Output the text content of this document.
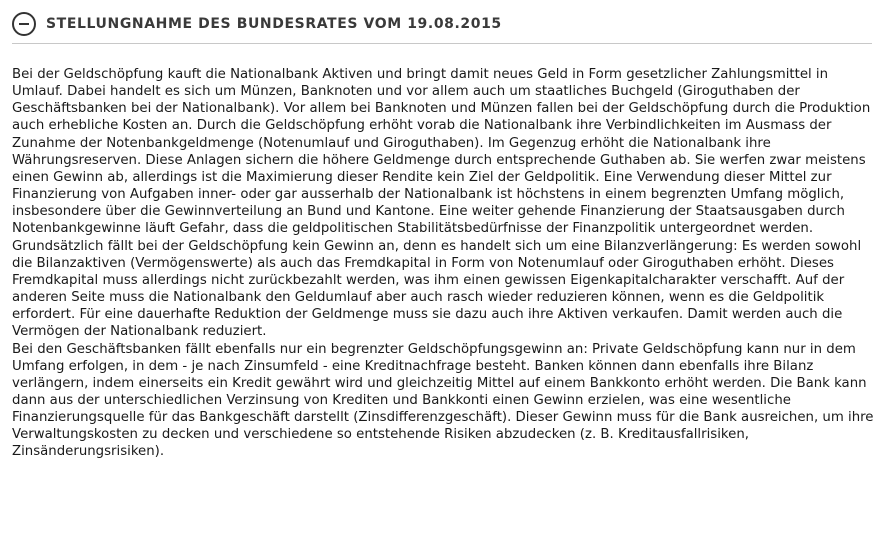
STELLUNGNAHME DES BUNDESRATES VOM 19.08.2015

Bei der Geldschöpfung kauft die Nationalbank Aktiven und bringt damit neues Geld in Form gesetzlicher Zahlungsmittel in Umlauf. Dabei handelt es sich um Münzen, Banknoten und vor allem auch um staatliches Buchgeld (Giroguthaben der Geschäftsbanken bei der Nationalbank). Vor allem bei Banknoten und Münzen fallen bei der Geldschöpfung durch die Produktion auch erhebliche Kosten an. Durch die Geldschöpfung erhöht vorab die Nationalbank ihre Verbindlichkeiten im Ausmass der Zunahme der Notenbankgeldmenge (Notenumlauf und Giroguthaben). Im Gegenzug erhöht die Nationalbank ihre Währungsreserven. Diese Anlagen sichern die höhere Geldmenge durch entsprechende Guthaben ab. Sie werfen zwar meistens einen Gewinn ab, allerdings ist die Maximierung dieser Rendite kein Ziel der Geldpolitik. Eine Verwendung dieser Mittel zur Finanzierung von Aufgaben inner- oder gar ausserhalb der Nationalbank ist höchstens in einem begrenzten Umfang möglich, insbesondere über die Gewinnverteilung an Bund und Kantone. Eine weiter gehende Finanzierung der Staatsausgaben durch Notenbankgewinne läuft Gefahr, dass die geldpolitischen Stabilitätsbedürfnisse der Finanzpolitik untergeordnet werden.

Grundsätzlich fällt bei der Geldschöpfung kein Gewinn an, denn es handelt sich um eine Bilanzverlängerung: Es werden sowohl die Bilanzaktiven (Vermögenswerte) als auch das Fremdkapital in Form von Notenumlauf oder Giroguthaben erhöht. Dieses Fremdkapital muss allerdings nicht zurückbezahlt werden, was ihm einen gewissen Eigenkapitalcharakter verschafft. Auf der anderen Seite muss die Nationalbank den Geldumlauf aber auch rasch wieder reduzieren können, wenn es die Geldpolitik erfordert. Für eine dauerhafte Reduktion der Geldmenge muss sie dazu auch ihre Aktiven verkaufen. Damit werden auch die Vermögen der Nationalbank reduziert.

Bei den Geschäftsbanken fällt ebenfalls nur ein begrenzter Geldschöpfungsgewinn an: Private Geldschöpfung kann nur in dem Umfang erfolgen, in dem - je nach Zinsumfeld - eine Kreditnachfrage besteht. Banken können dann ebenfalls ihre Bilanz verlängern, indem einerseits ein Kredit gewährt wird und gleichzeitig Mittel auf einem Bankkonto erhöht werden. Die Bank kann dann aus der unterschiedlichen Verzinsung von Krediten und Bankkonti einen Gewinn erzielen, was eine wesentliche Finanzierungsquelle für das Bankgeschäft darstellt (Zinsdifferenzgeschäft). Dieser Gewinn muss für die Bank ausreichen, um ihre Verwaltungskosten zu decken und verschiedene so entstehende Risiken abzudecken (z. B. Kreditausfallrisiken, Zinsänderungsrisiken).
